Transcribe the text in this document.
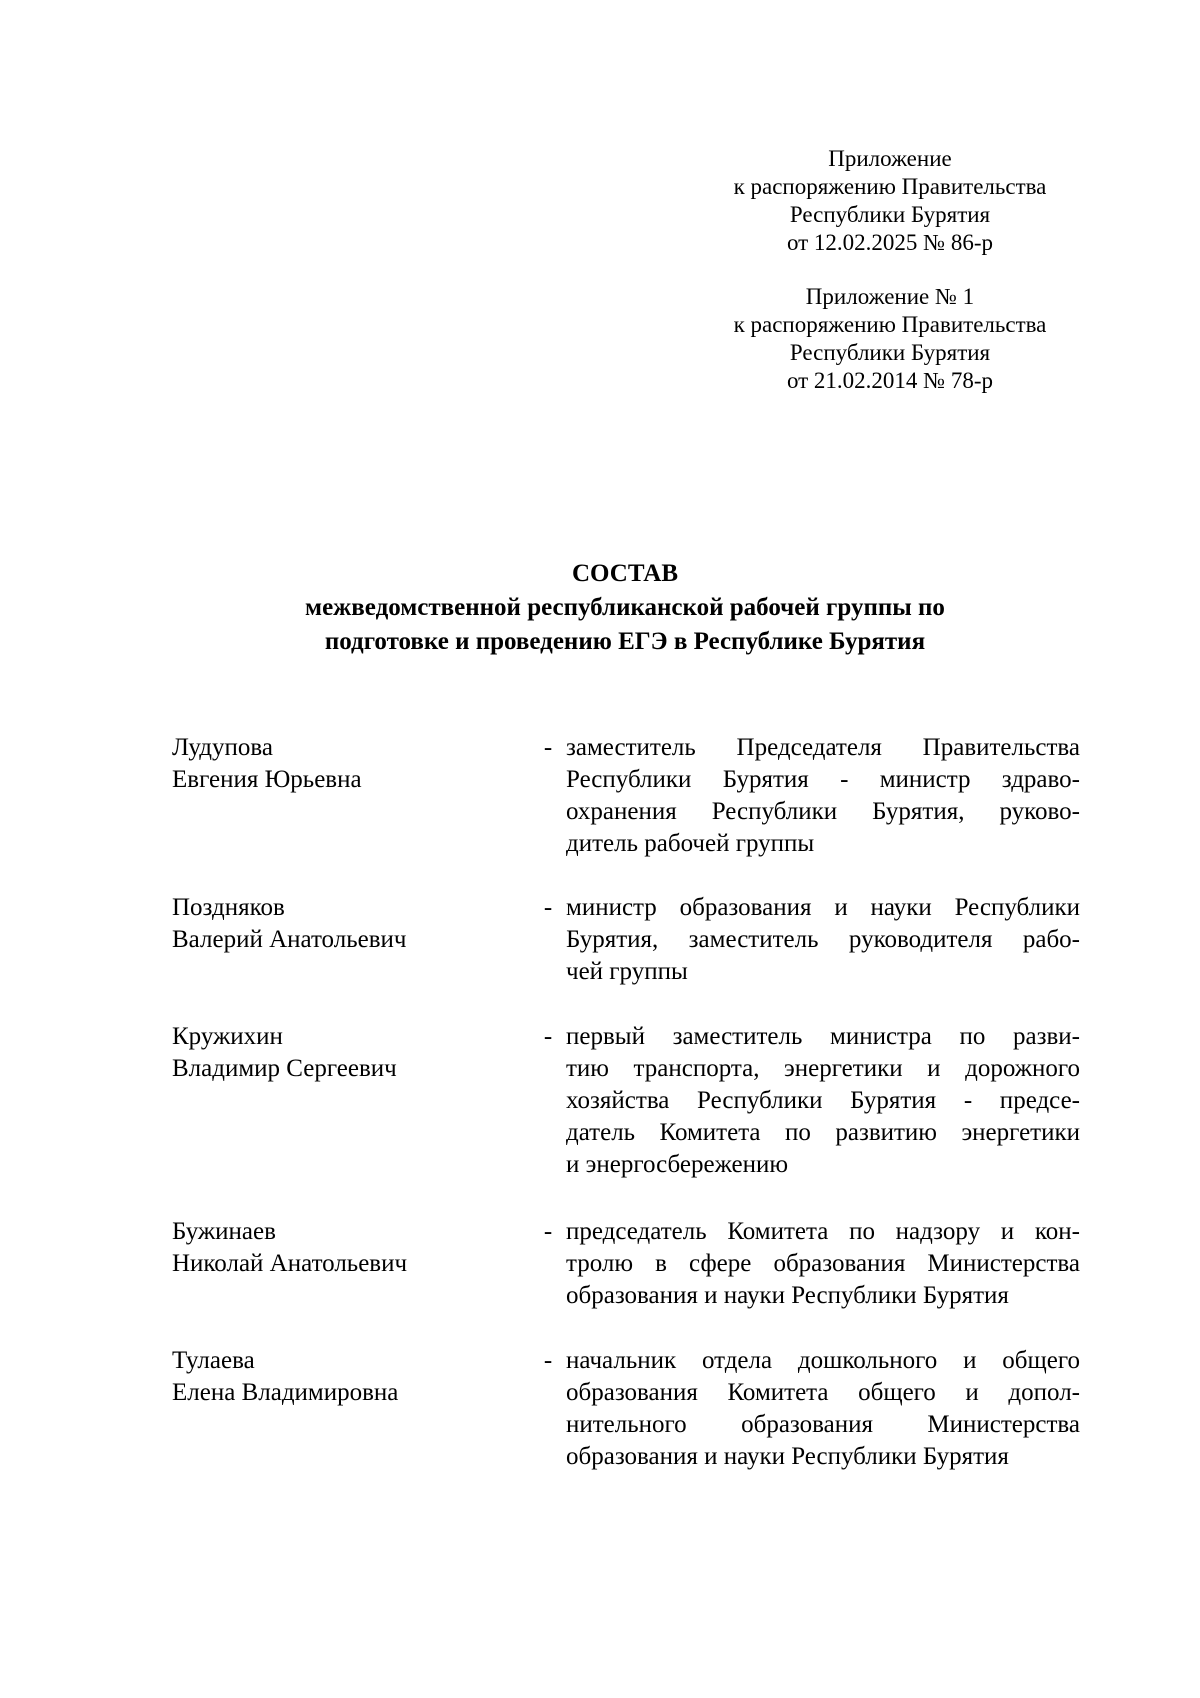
Приложение
к распоряжению Правительства
Республики Бурятия
от 12.02.2025 № 86-р
Приложение № 1
к распоряжению Правительства
Республики Бурятия
от 21.02.2014 № 78-р
СОСТАВ
межведомственной республиканской рабочей группы по
подготовке и проведению ЕГЭ в Республике Бурятия
Лудупова
Евгения Юрьевна
- заместитель Председателя Правительства
Республики Бурятия - министр здраво-
охранения Республики Бурятия, руково-
дитель рабочей группы
Поздняков
Валерий Анатольевич
- министр образования и науки Республики
Бурятия, заместитель руководителя рабо-
чей группы
Кружихин
Владимир Сергеевич
- первый заместитель министра по разви-
тию транспорта, энергетики и дорожного
хозяйства Республики Бурятия - предсе-
датель Комитета по развитию энергетики
и энергосбережению
Бужинаев
Николай Анатольевич
- председатель Комитета по надзору и кон-
тролю в сфере образования Министерства
образования и науки Республики Бурятия
Тулаева
Елена Владимировна
- начальник отдела дошкольного и общего
образования Комитета общего и допол-
нительного образования Министерства
образования и науки Республики Бурятия
